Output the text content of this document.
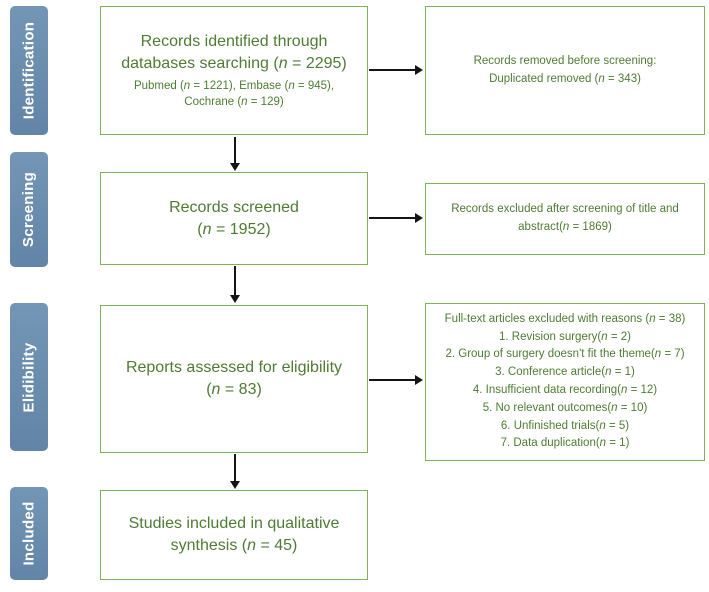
Identification
Screening
Elidibility
Included
Records identified through
databases searching (n = 2295)
Pubmed (n = 1221), Embase (n = 945),
Cochrane (n = 129)
Records screened
(n = 1952)
Reports assessed for eligibility
(n = 83)
Studies included in qualitative
synthesis (n = 45)
Records removed before screening:
Duplicated removed (n = 343)
Records excluded after screening of title and
abstract(n = 1869)
Full-text articles excluded with reasons (n = 38)
1. Revision surgery(n = 2)
2. Group of surgery doesn't fit the theme(n = 7)
3. Conference article(n = 1)
4. Insufficient data recording(n = 12)
5. No relevant outcomes(n = 10)
6. Unfinished trials(n = 5)
7. Data duplication(n = 1)
